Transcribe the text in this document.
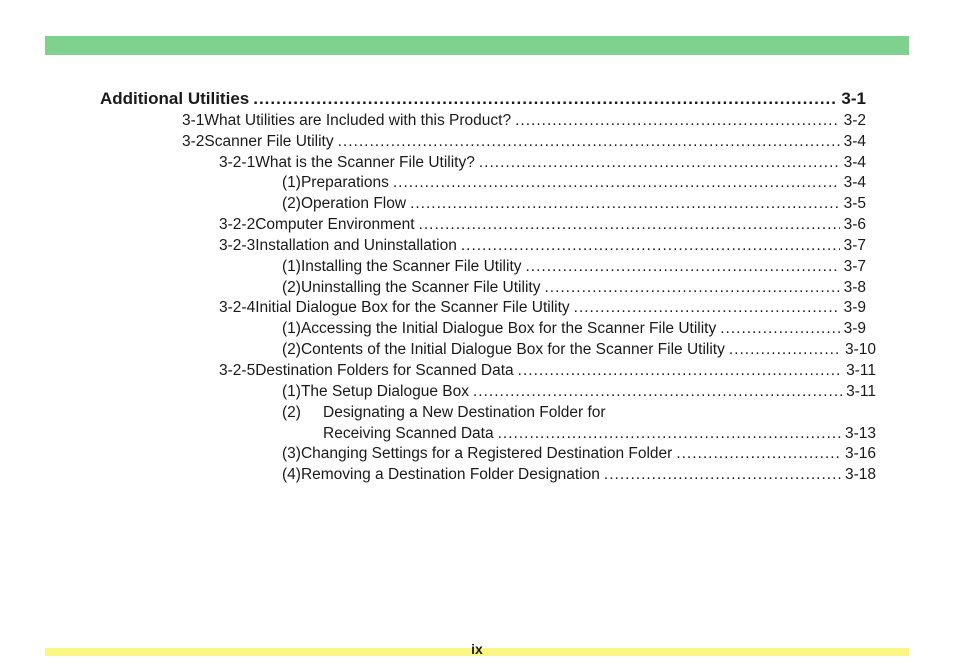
Additional Utilities .....	3-1
3-1 What Utilities are Included with this Product? .....	3-2
3-2 Scanner File Utility .....	3-4
3-2-1 What is the Scanner File Utility? .....	3-4
(1) Preparations .....	3-4
(2) Operation Flow .....	3-5
3-2-2 Computer Environment .....	3-6
3-2-3 Installation and Uninstallation .....	3-7
(1) Installing the Scanner File Utility .....	3-7
(2) Uninstalling the Scanner File Utility .....	3-8
3-2-4 Initial Dialogue Box for the Scanner File Utility .....	3-9
(1) Accessing the Initial Dialogue Box for the Scanner File Utility .....	3-9
(2) Contents of the Initial Dialogue Box for the Scanner File Utility .....	3-10
3-2-5 Destination Folders for Scanned Data .....	3-11
(1) The Setup Dialogue Box .....	3-11
(2) Designating a New Destination Folder for
Receiving Scanned Data .....	3-13
(3) Changing Settings for a Registered Destination Folder .....	3-16
(4) Removing a Destination Folder Designation .....	3-18
ix
